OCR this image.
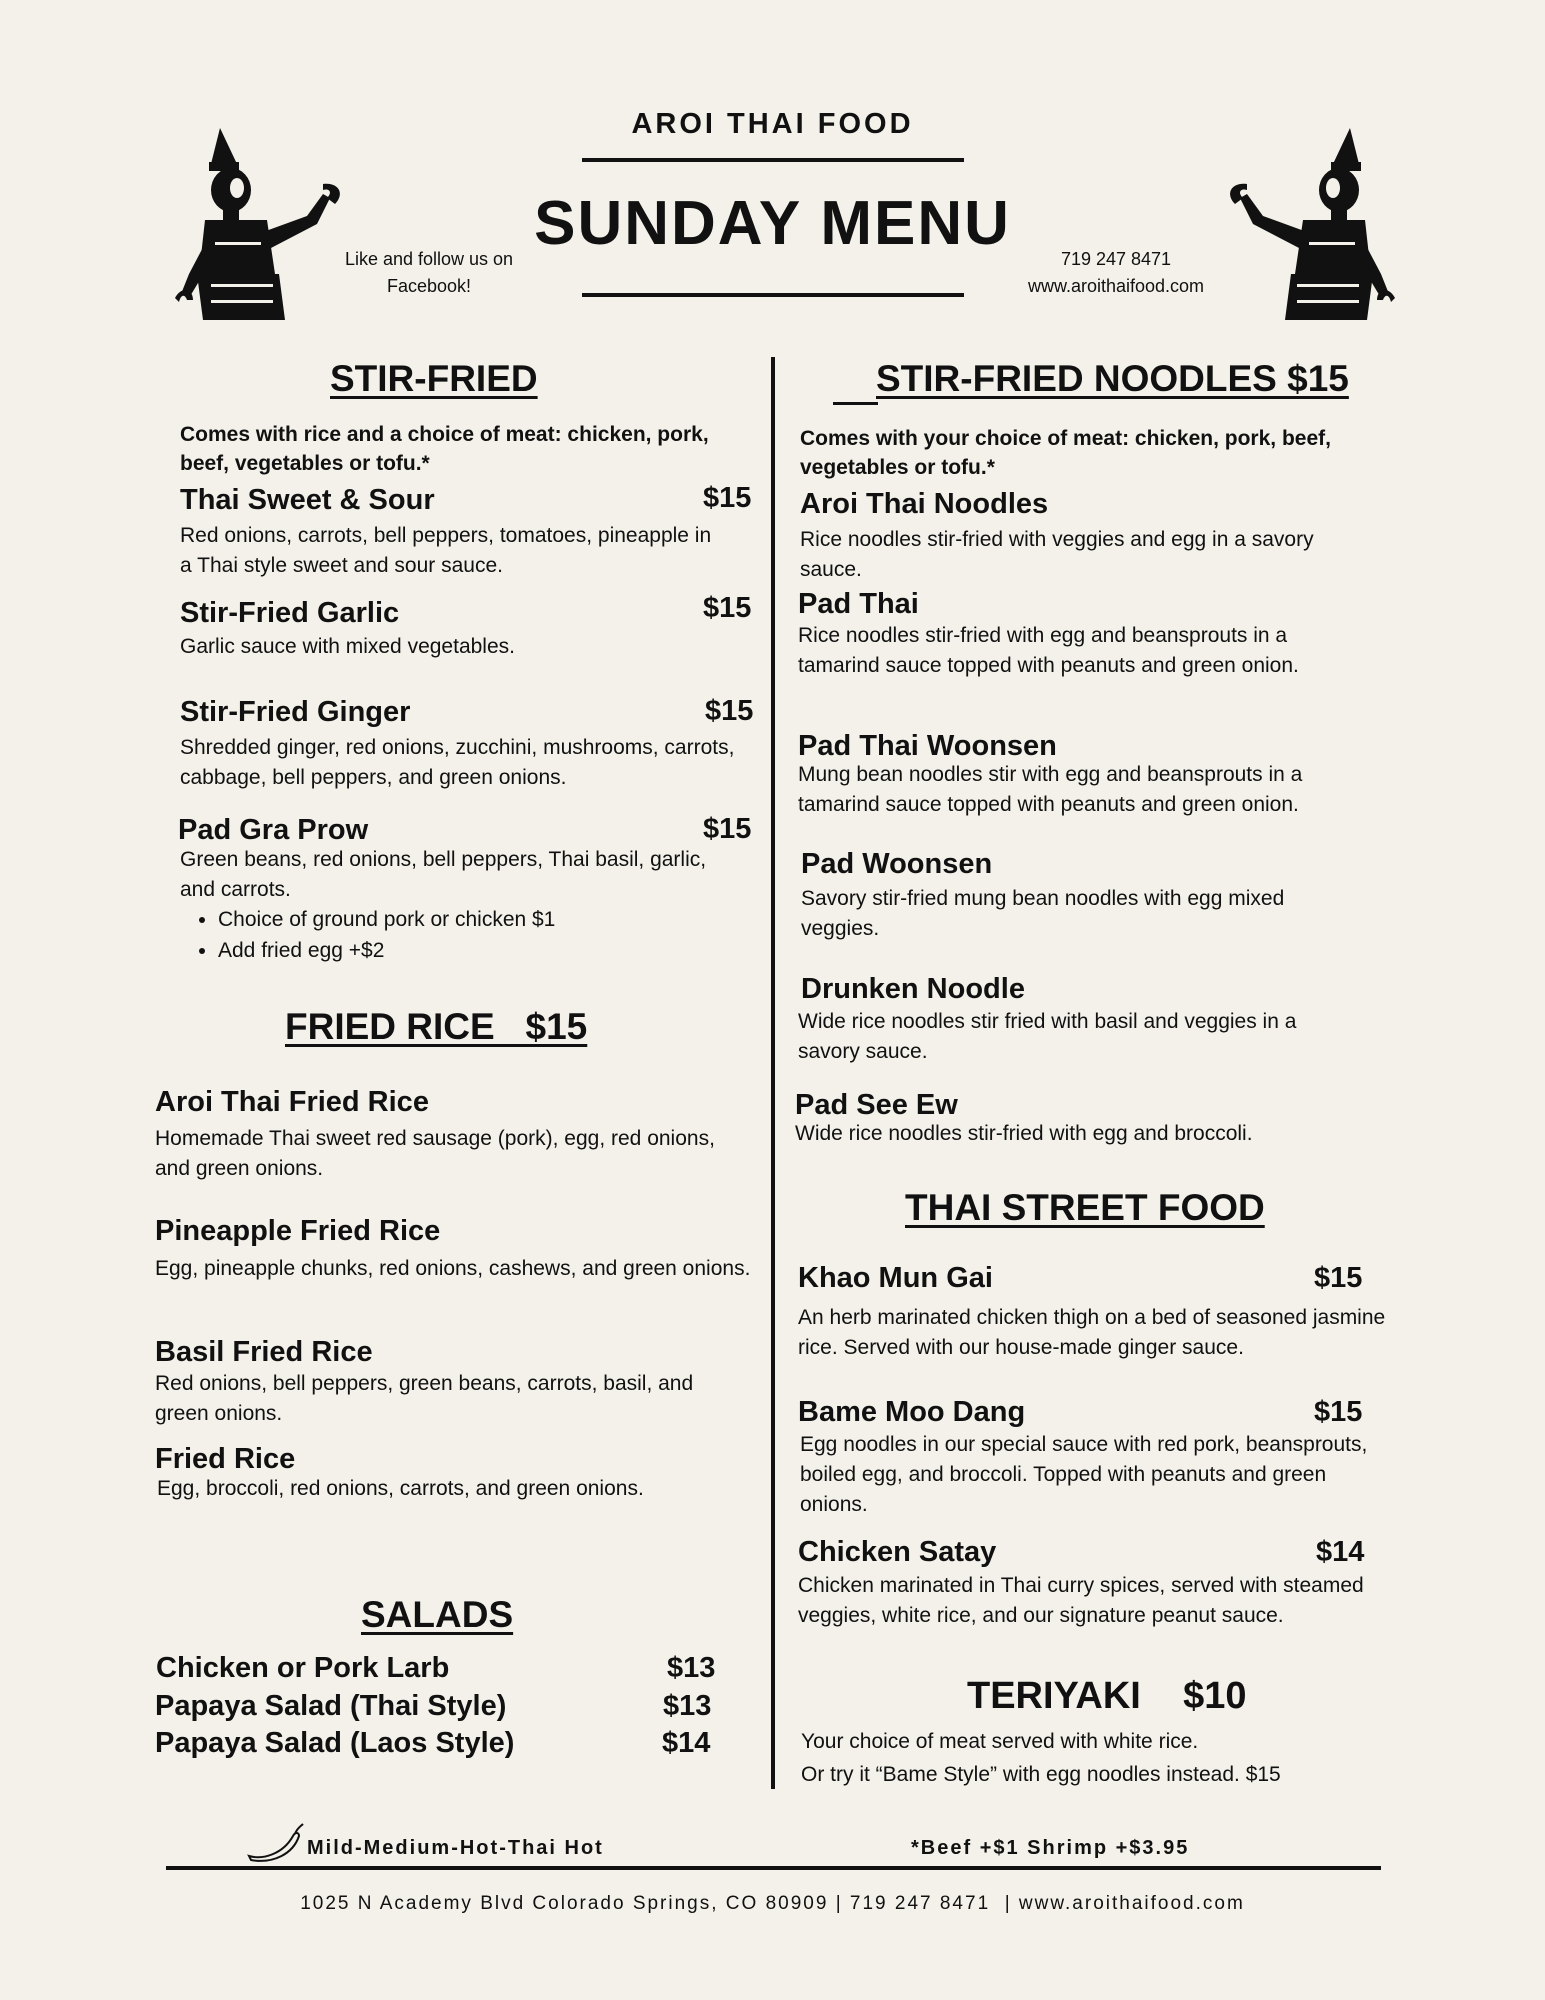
AROI THAI FOOD
SUNDAY MENU
Like and follow us on
Facebook!
719 247 8471
www.aroithaifood.com
STIR-FRIED
Comes with rice and a choice of meat: chicken, pork, beef, vegetables or tofu.*
Thai Sweet & Sour	$15
Red onions, carrots, bell peppers, tomatoes, pineapple in a Thai style sweet and sour sauce.
Stir-Fried Garlic	$15
Garlic sauce with mixed vegetables.
Stir-Fried Ginger	$15
Shredded ginger, red onions, zucchini, mushrooms, carrots, cabbage, bell peppers, and green onions.
Pad Gra Prow	$15
Green beans, red onions, bell peppers, Thai basil, garlic, and carrots.
• Choice of ground pork or chicken $1
• Add fried egg +$2
FRIED RICE   $15
Aroi Thai Fried Rice
Homemade Thai sweet red sausage (pork), egg, red onions, and green onions.
Pineapple Fried Rice
Egg, pineapple chunks, red onions, cashews, and green onions.
Basil Fried Rice
Red onions, bell peppers, green beans, carrots, basil, and green onions.
Fried Rice
Egg, broccoli, red onions, carrots, and green onions.
SALADS
Chicken or Pork Larb	$13
Papaya Salad (Thai Style)	$13
Papaya Salad (Laos Style)	$14
STIR-FRIED NOODLES $15
Comes with your choice of meat: chicken, pork, beef, vegetables or tofu.*
Aroi Thai Noodles
Rice noodles stir-fried with veggies and egg in a savory sauce.
Pad Thai
Rice noodles stir-fried with egg and beansprouts in a tamarind sauce topped with peanuts and green onion.
Pad Thai Woonsen
Mung bean noodles stir with egg and beansprouts in a tamarind sauce topped with peanuts and green onion.
Pad Woonsen
Savory stir-fried mung bean noodles with egg mixed veggies.
Drunken Noodle
Wide rice noodles stir fried with basil and veggies in a savory sauce.
Pad See Ew
Wide rice noodles stir-fried with egg and broccoli.
THAI STREET FOOD
Khao Mun Gai	$15
An herb marinated chicken thigh on a bed of seasoned jasmine rice. Served with our house-made ginger sauce.
Bame Moo Dang	$15
Egg noodles in our special sauce with red pork, beansprouts, boiled egg, and broccoli. Topped with peanuts and green onions.
Chicken Satay	$14
Chicken marinated in Thai curry spices, served with steamed veggies, white rice, and our signature peanut sauce.
TERIYAKI    $10
Your choice of meat served with white rice.
Or try it “Bame Style” with egg noodles instead. $15
Mild-Medium-Hot-Thai Hot	*Beef +$1 Shrimp +$3.95
1025 N Academy Blvd Colorado Springs, CO 80909 | 719 247 8471  | www.aroithaifood.com
